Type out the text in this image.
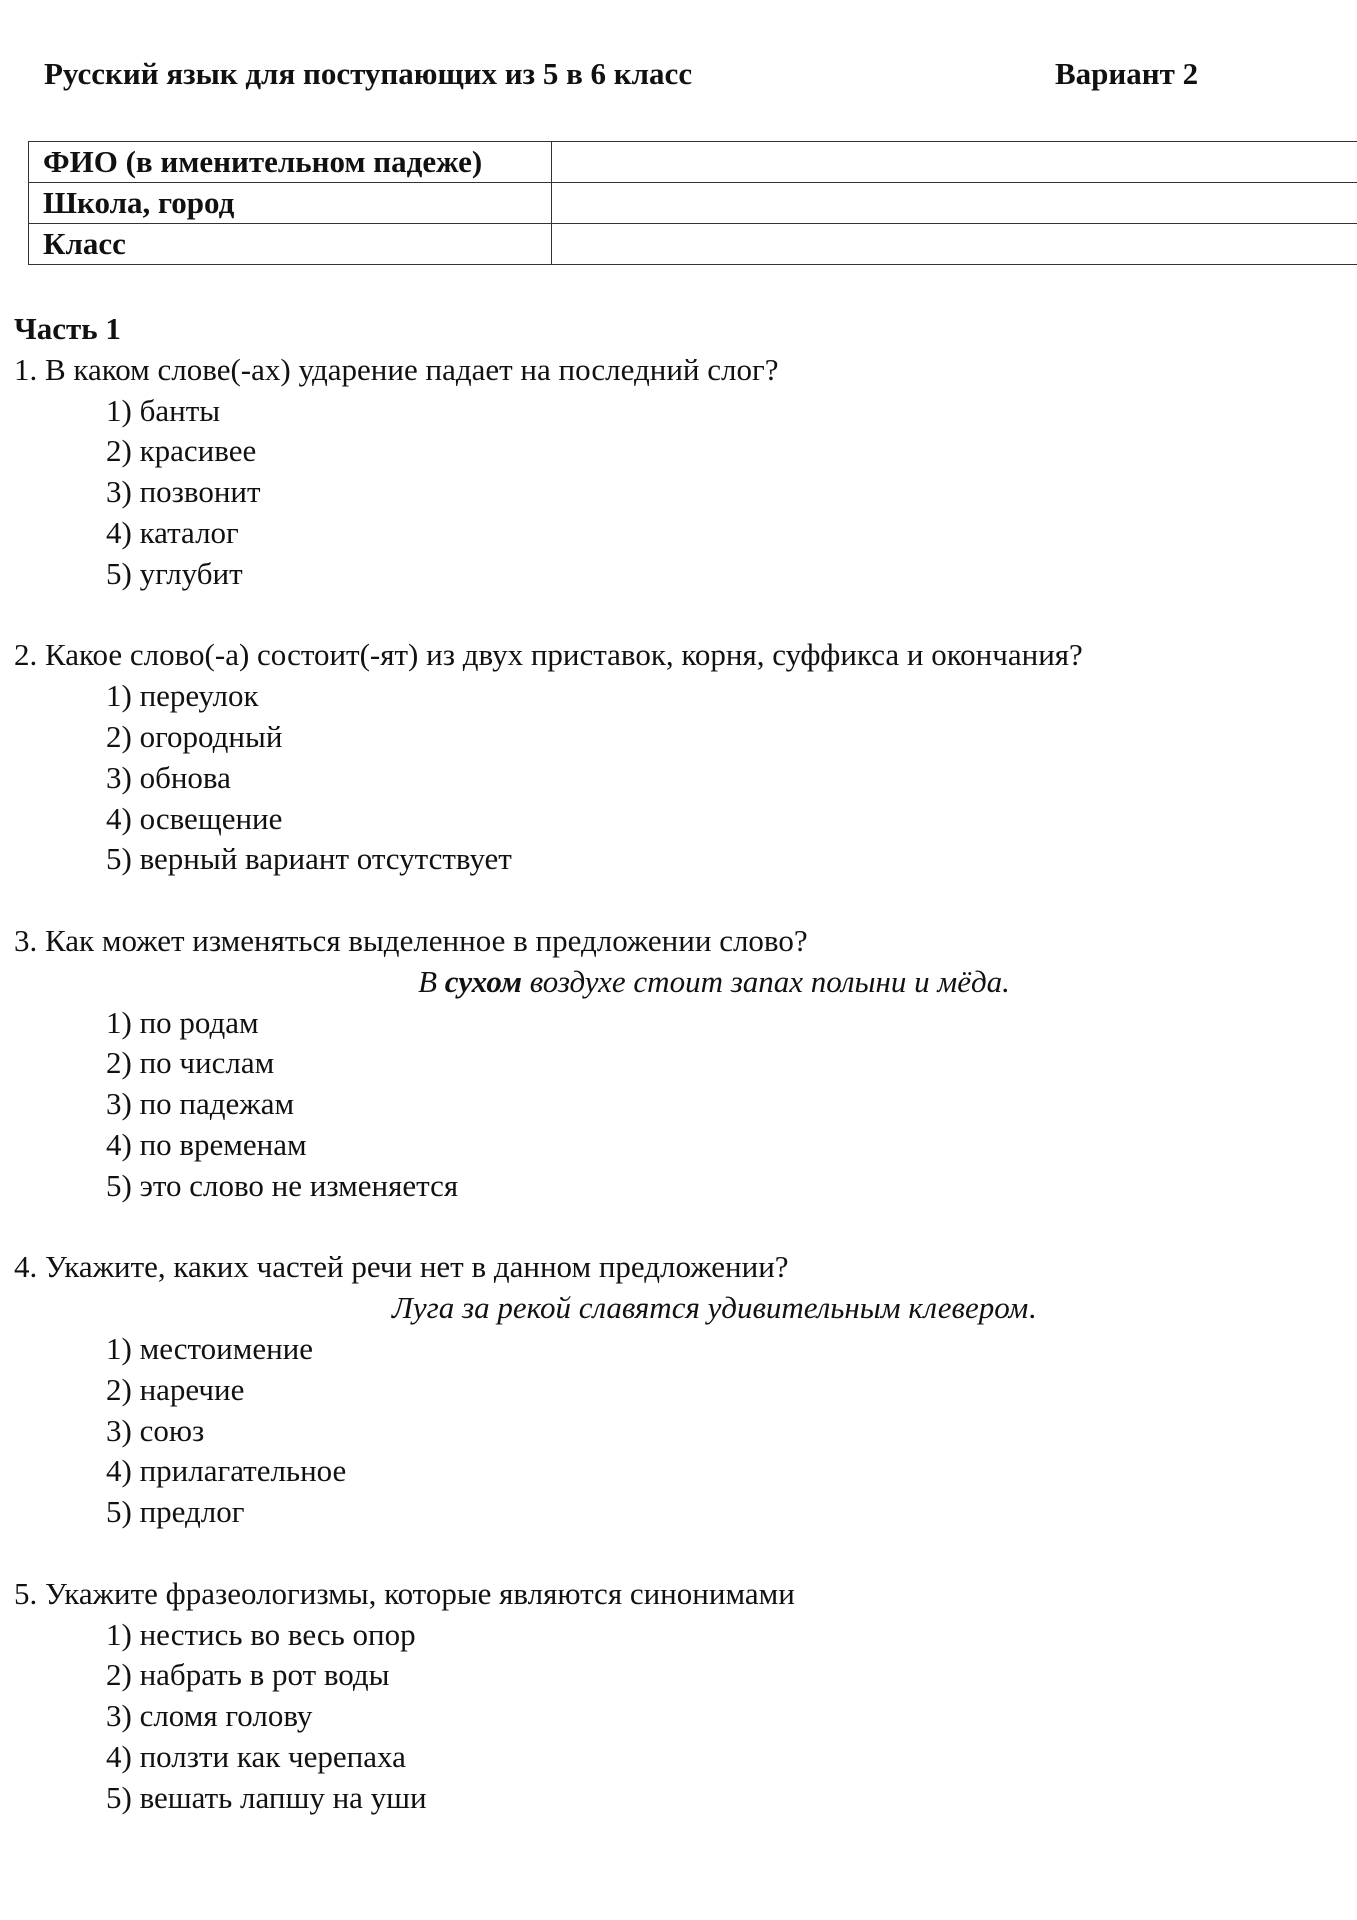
Русский язык для поступающих из 5 в 6 класс	Вариант 2
ФИО (в именительном падеже)	
Школа, город	
Класс	
Часть 1
1. В каком слове(-ах) ударение падает на последний слог?
1) банты
2) красивее
3) позвонит
4) каталог
5) углубит
2. Какое слово(-а) состоит(-ят) из двух приставок, корня, суффикса и окончания?
1) переулок
2) огородный
3) обнова
4) освещение
5) верный вариант отсутствует
3. Как может изменяться выделенное в предложении слово?
В сухом воздухе стоит запах полыни и мёда.
1) по родам
2) по числам
3) по падежам
4) по временам
5) это слово не изменяется
4. Укажите, каких частей речи нет в данном предложении?
Луга за рекой славятся удивительным клевером.
1) местоимение
2) наречие
3) союз
4) прилагательное
5) предлог
5. Укажите фразеологизмы, которые являются синонимами
1) нестись во весь опор
2) набрать в рот воды
3) сломя голову
4) ползти как черепаха
5) вешать лапшу на уши
